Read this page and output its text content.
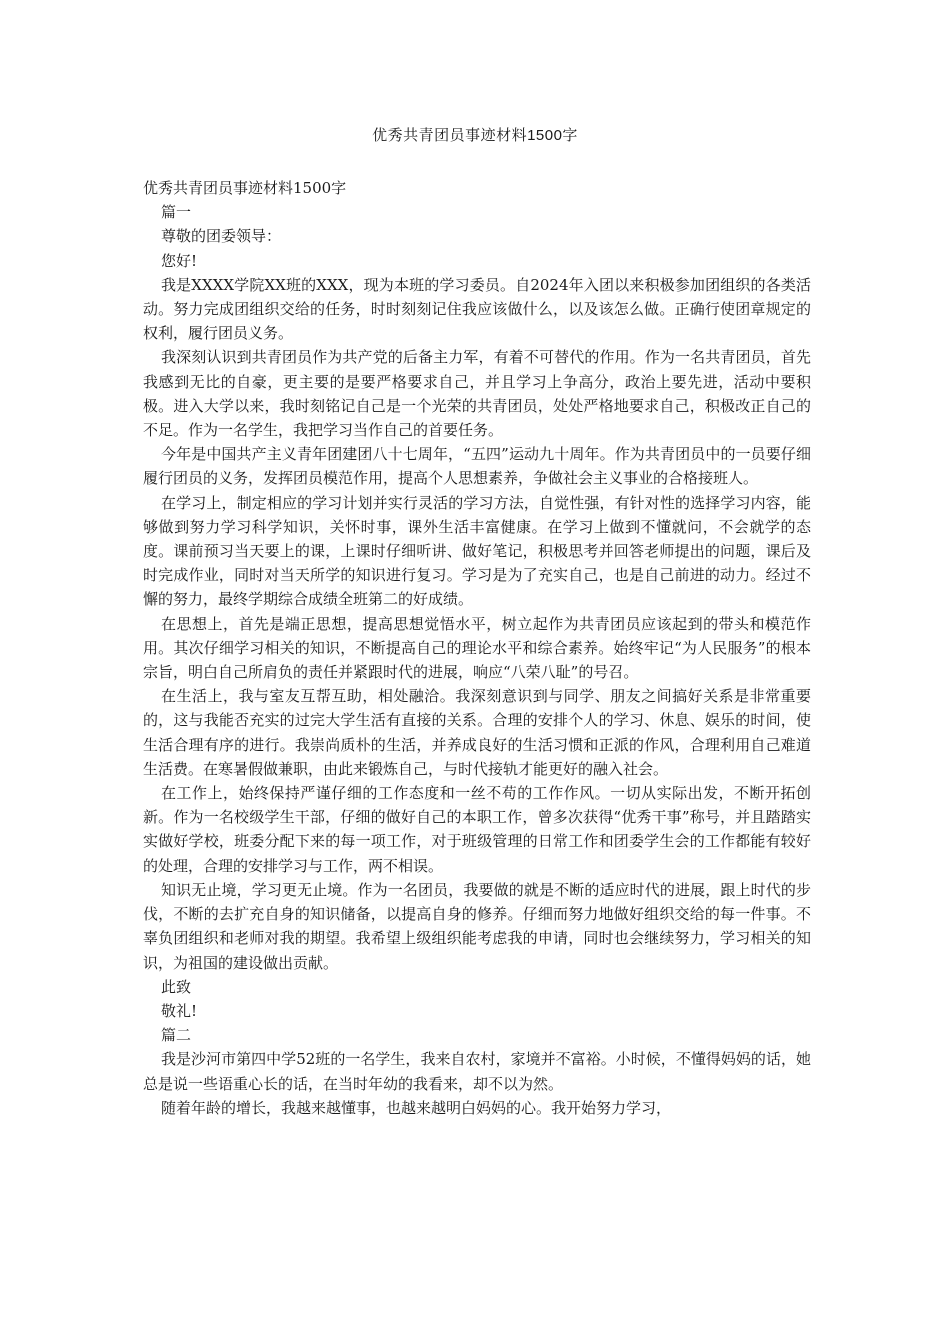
优秀共青团员事迹材料1500字

优秀共青团员事迹材料1500字

篇一

尊敬的团委领导：

您好!

我是XXXX学院XX班的XXX，现为本班的学习委员。自2024年入团以来积极参加团组织的各类活动。努力完成团组织交给的任务，时时刻刻记住我应该做什么，以及该怎么做。正确行使团章规定的权利，履行团员义务。

我深刻认识到共青团员作为共产党的后备主力军，有着不可替代的作用。作为一名共青团员，首先我感到无比的自豪，更主要的是要严格要求自己，并且学习上争高分，政治上要先进，活动中要积极。进入大学以来，我时刻铭记自己是一个光荣的共青团员，处处严格地要求自己，积极改正自己的不足。作为一名学生，我把学习当作自己的首要任务。

今年是中国共产主义青年团建团八十七周年，“五四”运动九十周年。作为共青团员中的一员要仔细履行团员的义务，发挥团员模范作用，提高个人思想素养，争做社会主义事业的合格接班人。

在学习上，制定相应的学习计划并实行灵活的学习方法，自觉性强，有针对性的选择学习内容，能够做到努力学习科学知识，关怀时事，课外生活丰富健康。在学习上做到不懂就问，不会就学的态度。课前预习当天要上的课，上课时仔细听讲、做好笔记，积极思考并回答老师提出的问题，课后及时完成作业，同时对当天所学的知识进行复习。学习是为了充实自己，也是自己前进的动力。经过不懈的努力，最终学期综合成绩全班第二的好成绩。

在思想上，首先是端正思想，提高思想觉悟水平，树立起作为共青团员应该起到的带头和模范作用。其次仔细学习相关的知识，不断提高自己的理论水平和综合素养。始终牢记“为人民服务”的根本宗旨，明白自己所肩负的责任并紧跟时代的进展，响应“八荣八耻”的号召。

在生活上，我与室友互帮互助，相处融洽。我深刻意识到与同学、朋友之间搞好关系是非常重要的，这与我能否充实的过完大学生活有直接的关系。合理的安排个人的学习、休息、娱乐的时间，使生活合理有序的进行。我崇尚质朴的生活，并养成良好的生活习惯和正派的作风，合理利用自己难道生活费。在寒暑假做兼职，由此来锻炼自己，与时代接轨才能更好的融入社会。

在工作上，始终保持严谨仔细的工作态度和一丝不苟的工作作风。一切从实际出发，不断开拓创新。作为一名校级学生干部，仔细的做好自己的本职工作，曾多次获得“优秀干事”称号，并且踏踏实实做好学校，班委分配下来的每一项工作，对于班级管理的日常工作和团委学生会的工作都能有较好的处理，合理的安排学习与工作，两不相误。

知识无止境，学习更无止境。作为一名团员，我要做的就是不断的适应时代的进展，跟上时代的步伐，不断的去扩充自身的知识储备，以提高自身的修养。仔细而努力地做好组织交给的每一件事。不辜负团组织和老师对我的期望。我希望上级组织能考虑我的申请，同时也会继续努力，学习相关的知识，为祖国的建设做出贡献。

此致

敬礼!

篇二

我是沙河市第四中学52班的一名学生，我来自农村，家境并不富裕。小时候，不懂得妈妈的话，她总是说一些语重心长的话，在当时年幼的我看来，却不以为然。

随着年龄的增长，我越来越懂事，也越来越明白妈妈的心。我开始努力学习，
